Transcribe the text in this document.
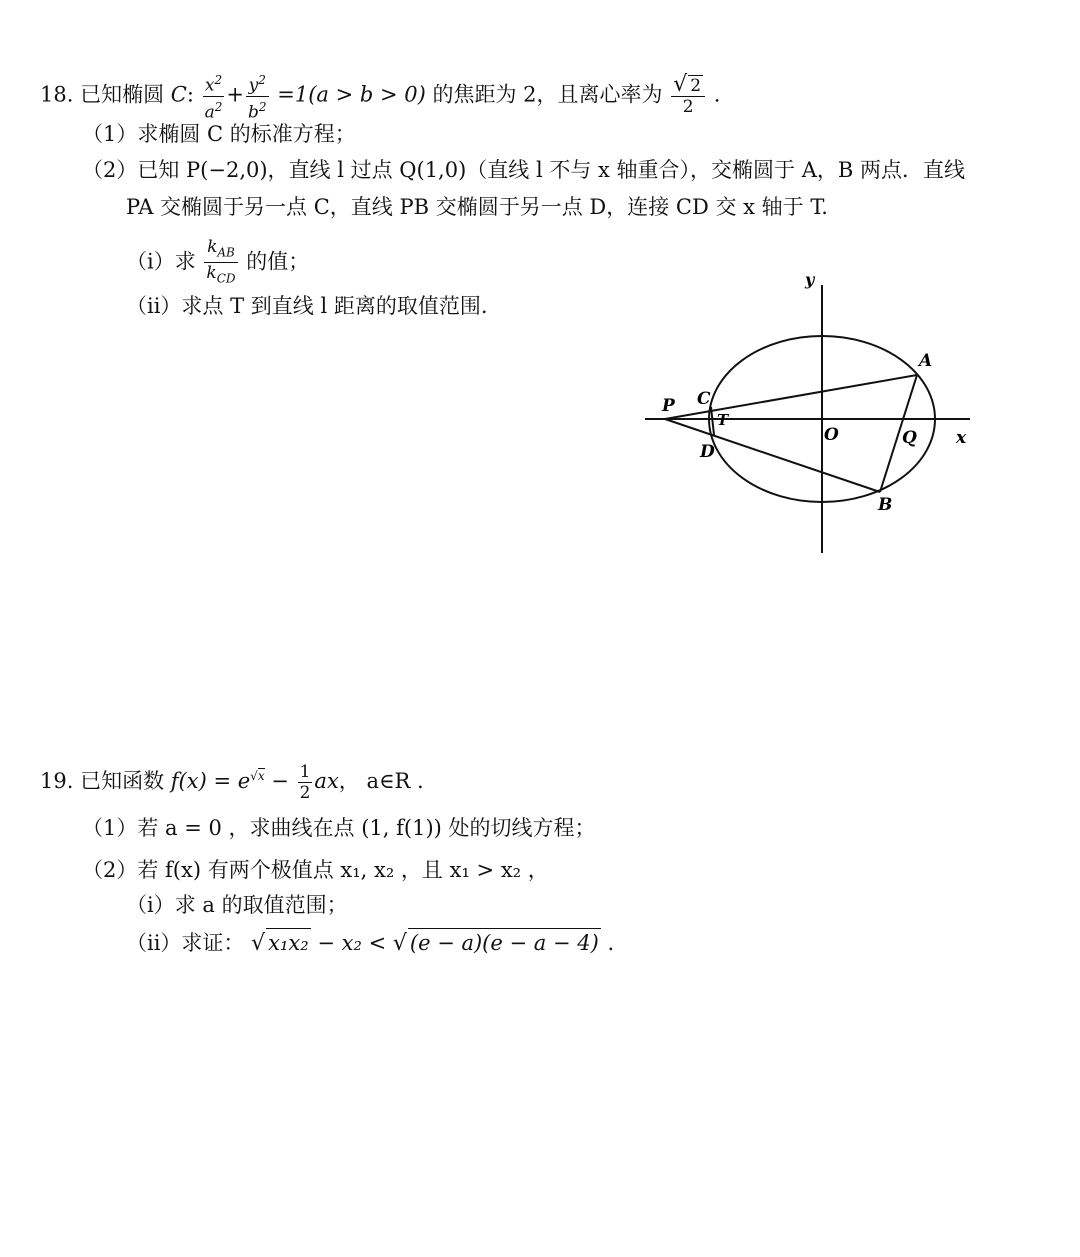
18. 已知椭圆 C: $\frac{x^2}{a^2} + \frac{y^2}{b^2} =1(a > b > 0)$ 的焦距为 2，且离心率为 $\frac{√ 2}{2}$ .
（1）求椭圆 C 的标准方程；
（2）已知 P(−2,0)，直线 l 过点 Q(1,0)（直线 l 不与 x 轴重合），交椭圆于 A，B 两点．直线
PA 交椭圆于另一点 C，直线 PB 交椭圆于另一点 D，连接 CD 交 x 轴于 T.
（i）求 $\frac{k_{AB}}{k_{CD}}$ 的值；
（ii）求点 T 到直线 l 距离的取值范围.
y
x
O
P C
T
D
A
B
Q
19. 已知函数 $f(x) = e^{√x} - \frac{1}{2}$ ax， a∈R .
（1）若 a = 0 ，求曲线在点 (1, f(1)) 处的切线方程；
（2）若 f(x) 有两个极值点 x₁, x₂ ，且 x₁ > x₂ ，
（i）求 a 的取值范围；
（ii）求证： √ x₁x₂ − x₂ < √ (e − a)(e − a − 4) .
